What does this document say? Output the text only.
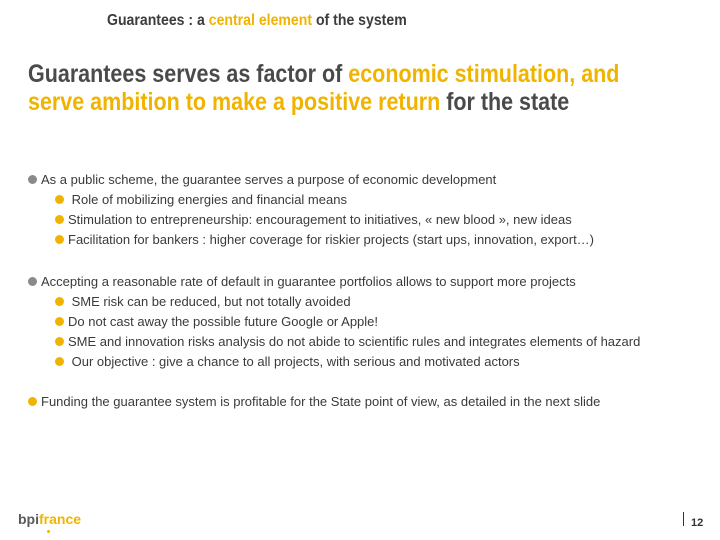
Guarantees : a central element of the system
Guarantees serves as factor of economic stimulation, and
serve ambition to make a positive return for the state
As a public scheme, the guarantee serves a purpose of economic development
Role of mobilizing energies and financial means
Stimulation to entrepreneurship: encouragement to initiatives, « new blood », new ideas
Facilitation for bankers : higher coverage for riskier projects (start ups, innovation, export…)
Accepting a reasonable rate of default in guarantee portfolios allows to support more projects
SME risk can be reduced, but not totally avoided
Do not cast away the possible future Google or Apple!
SME and innovation risks analysis do not abide to scientific rules and integrates elements of hazard
Our objective : give a chance to all projects, with serious and motivated actors
Funding the guarantee system is profitable for the State point of view, as detailed in the next slide
bpifrance	12
